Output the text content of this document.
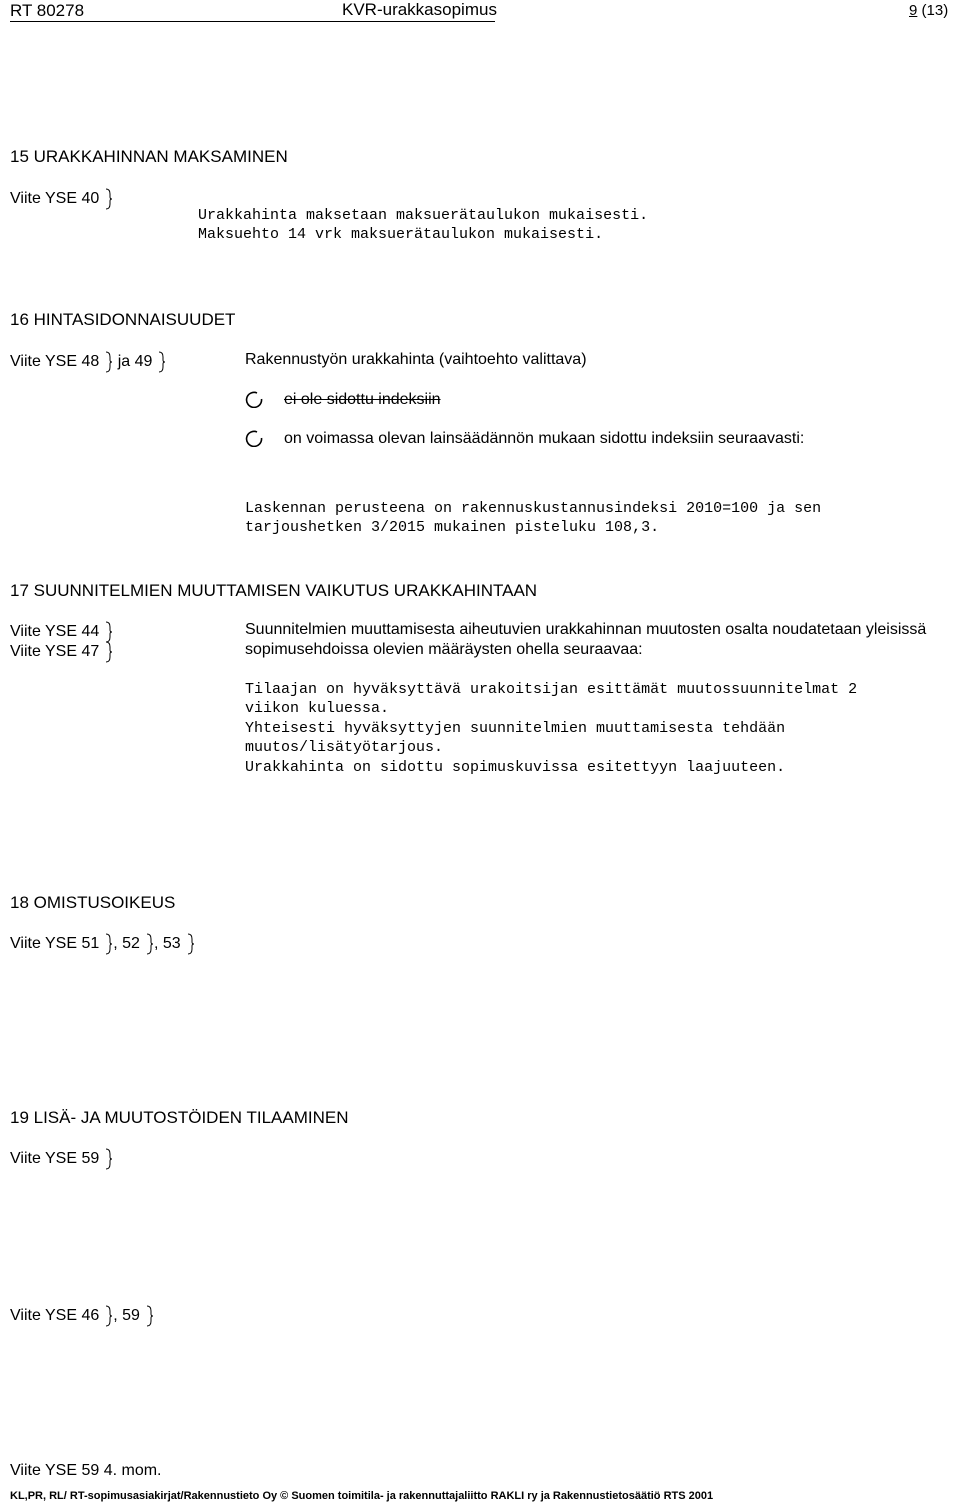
RT 80278	KVR-urakkasopimus	9 (13)
15 URAKKAHINNAN MAKSAMINEN
Viite YSE 40
Urakkahinta maksetaan maksuerätaulukon mukaisesti.
Maksuehto 14 vrk maksuerätaulukon mukaisesti.
16 HINTASIDONNAISUUDET
Viite YSE 48 ja 49	Rakennustyön urakkahinta (vaihtoehto valittava)
ei ole sidottu indeksiin
on voimassa olevan lainsäädännön mukaan sidottu indeksiin seuraavasti:
Laskennan perusteena on rakennuskustannusindeksi 2010=100 ja sen
tarjoushetken 3/2015 mukainen pisteluku 108,3.
17 SUUNNITELMIEN MUUTTAMISEN VAIKUTUS URAKKAHINTAAN
Viite YSE 44
Viite YSE 47
Suunnitelmien muuttamisesta aiheutuvien urakkahinnan muutosten osalta noudatetaan yleisissä
sopimusehdoissa olevien määräysten ohella seuraavaa:
Tilaajan on hyväksyttävä urakoitsijan esittämät muutossuunnitelmat 2
viikon kuluessa.
Yhteisesti hyväksyttyjen suunnitelmien muuttamisesta tehdään
muutos/lisätyötarjous.
Urakkahinta on sidottu sopimuskuvissa esitettyyn laajuuteen.
18 OMISTUSOIKEUS
Viite YSE 51 , 52 , 53
19 LISÄ- JA MUUTOSTÖIDEN TILAAMINEN
Viite YSE 59
Viite YSE 46 , 59
Viite YSE 59 4. mom.
KL,PR, RL/ RT-sopimusasiakirjat/Rakennustieto Oy © Suomen toimitila- ja rakennuttajaliitto RAKLI ry ja Rakennustietosäätiö RTS 2001
